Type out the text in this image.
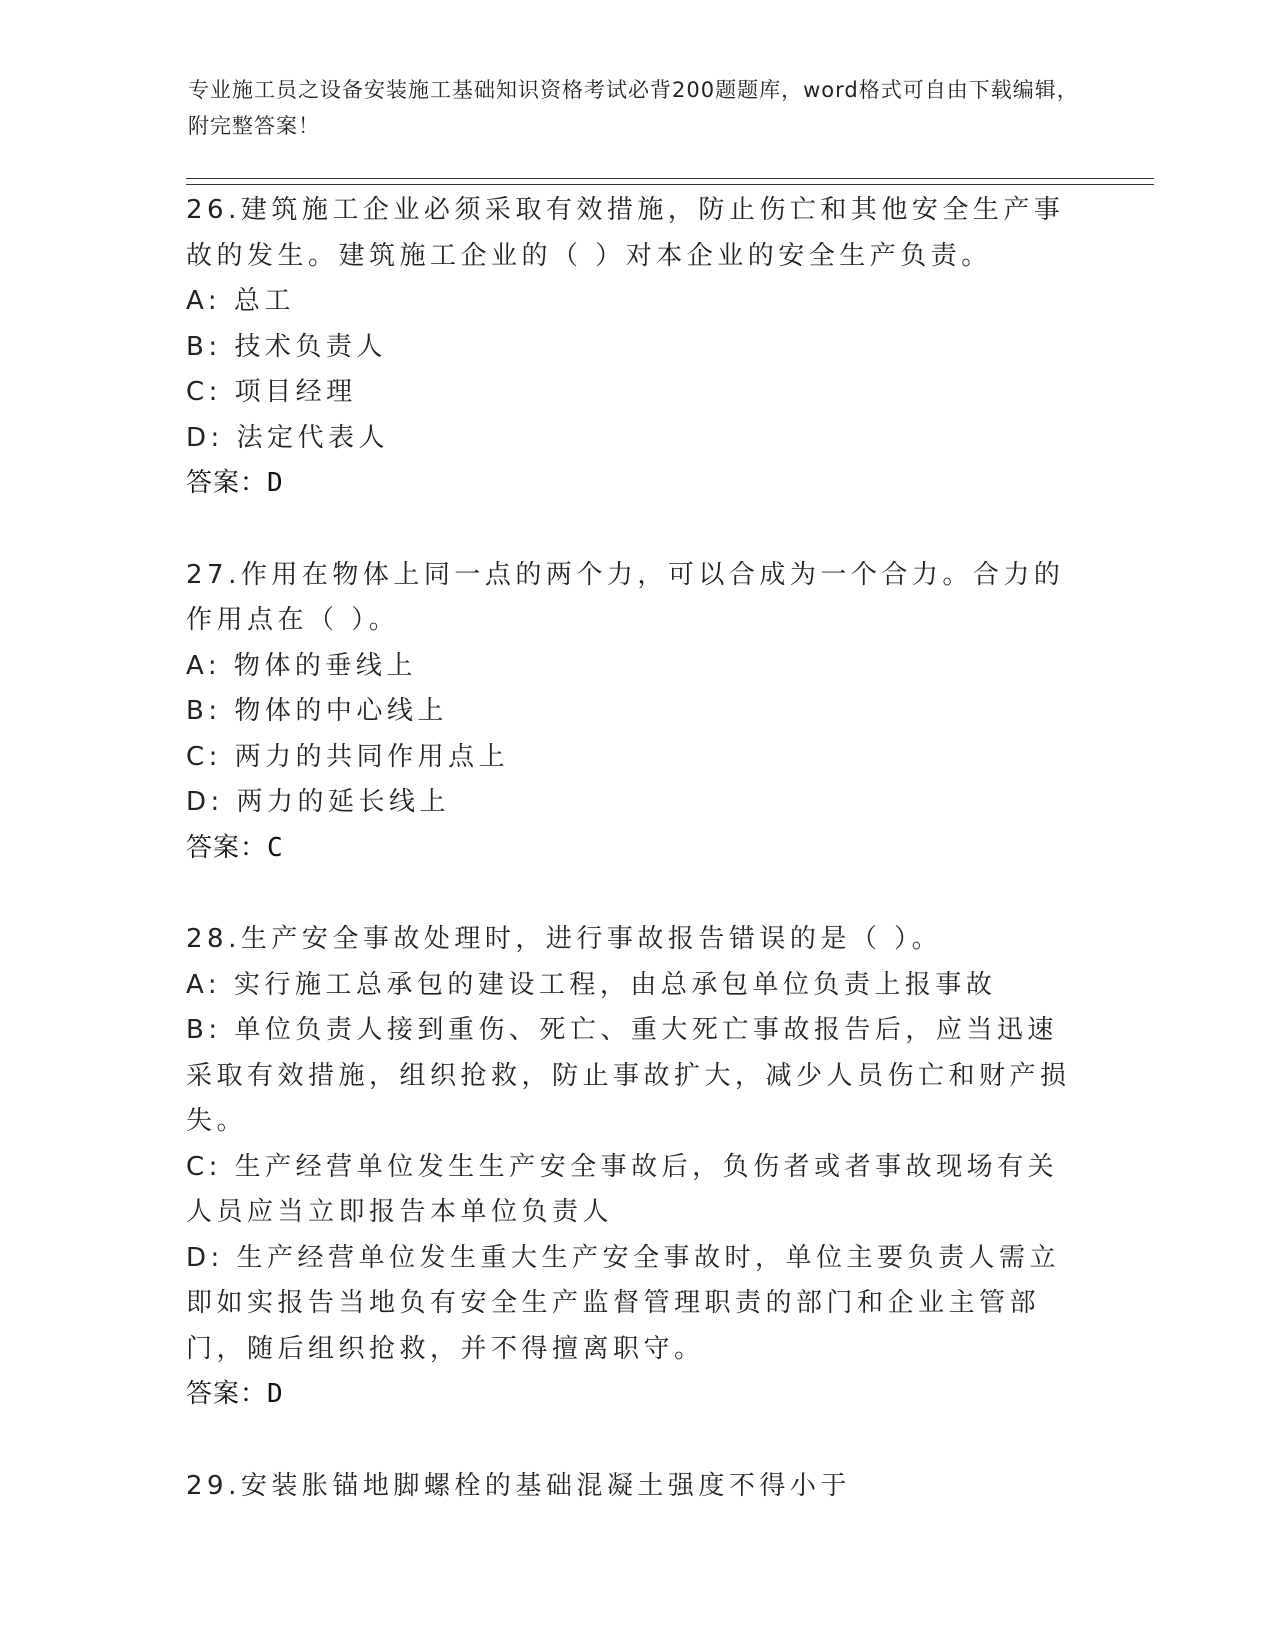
专业施工员之设备安装施工基础知识资格考试必背200题题库，word格式可自由下载编辑，附完整答案！

26.建筑施工企业必须采取有效措施，防止伤亡和其他安全生产事故的发生。建筑施工企业的（ ）对本企业的安全生产负责。

A: 总工

B: 技术负责人

C: 项目经理

D: 法定代表人

答案：D

27.作用在物体上同一点的两个力，可以合成为一个合力。合力的作用点在（ ）。

A: 物体的垂线上

B: 物体的中心线上

C: 两力的共同作用点上

D: 两力的延长线上

答案：C

28.生产安全事故处理时，进行事故报告错误的是（ ）。

A: 实行施工总承包的建设工程，由总承包单位负责上报事故

B: 单位负责人接到重伤、死亡、重大死亡事故报告后，应当迅速采取有效措施，组织抢救，防止事故扩大，减少人员伤亡和财产损失。

C: 生产经营单位发生生产安全事故后，负伤者或者事故现场有关人员应当立即报告本单位负责人

D: 生产经营单位发生重大生产安全事故时，单位主要负责人需立即如实报告当地负有安全生产监督管理职责的部门和企业主管部门，随后组织抢救，并不得擅离职守。

答案：D

29.安装胀锚地脚螺栓的基础混凝土强度不得小于
